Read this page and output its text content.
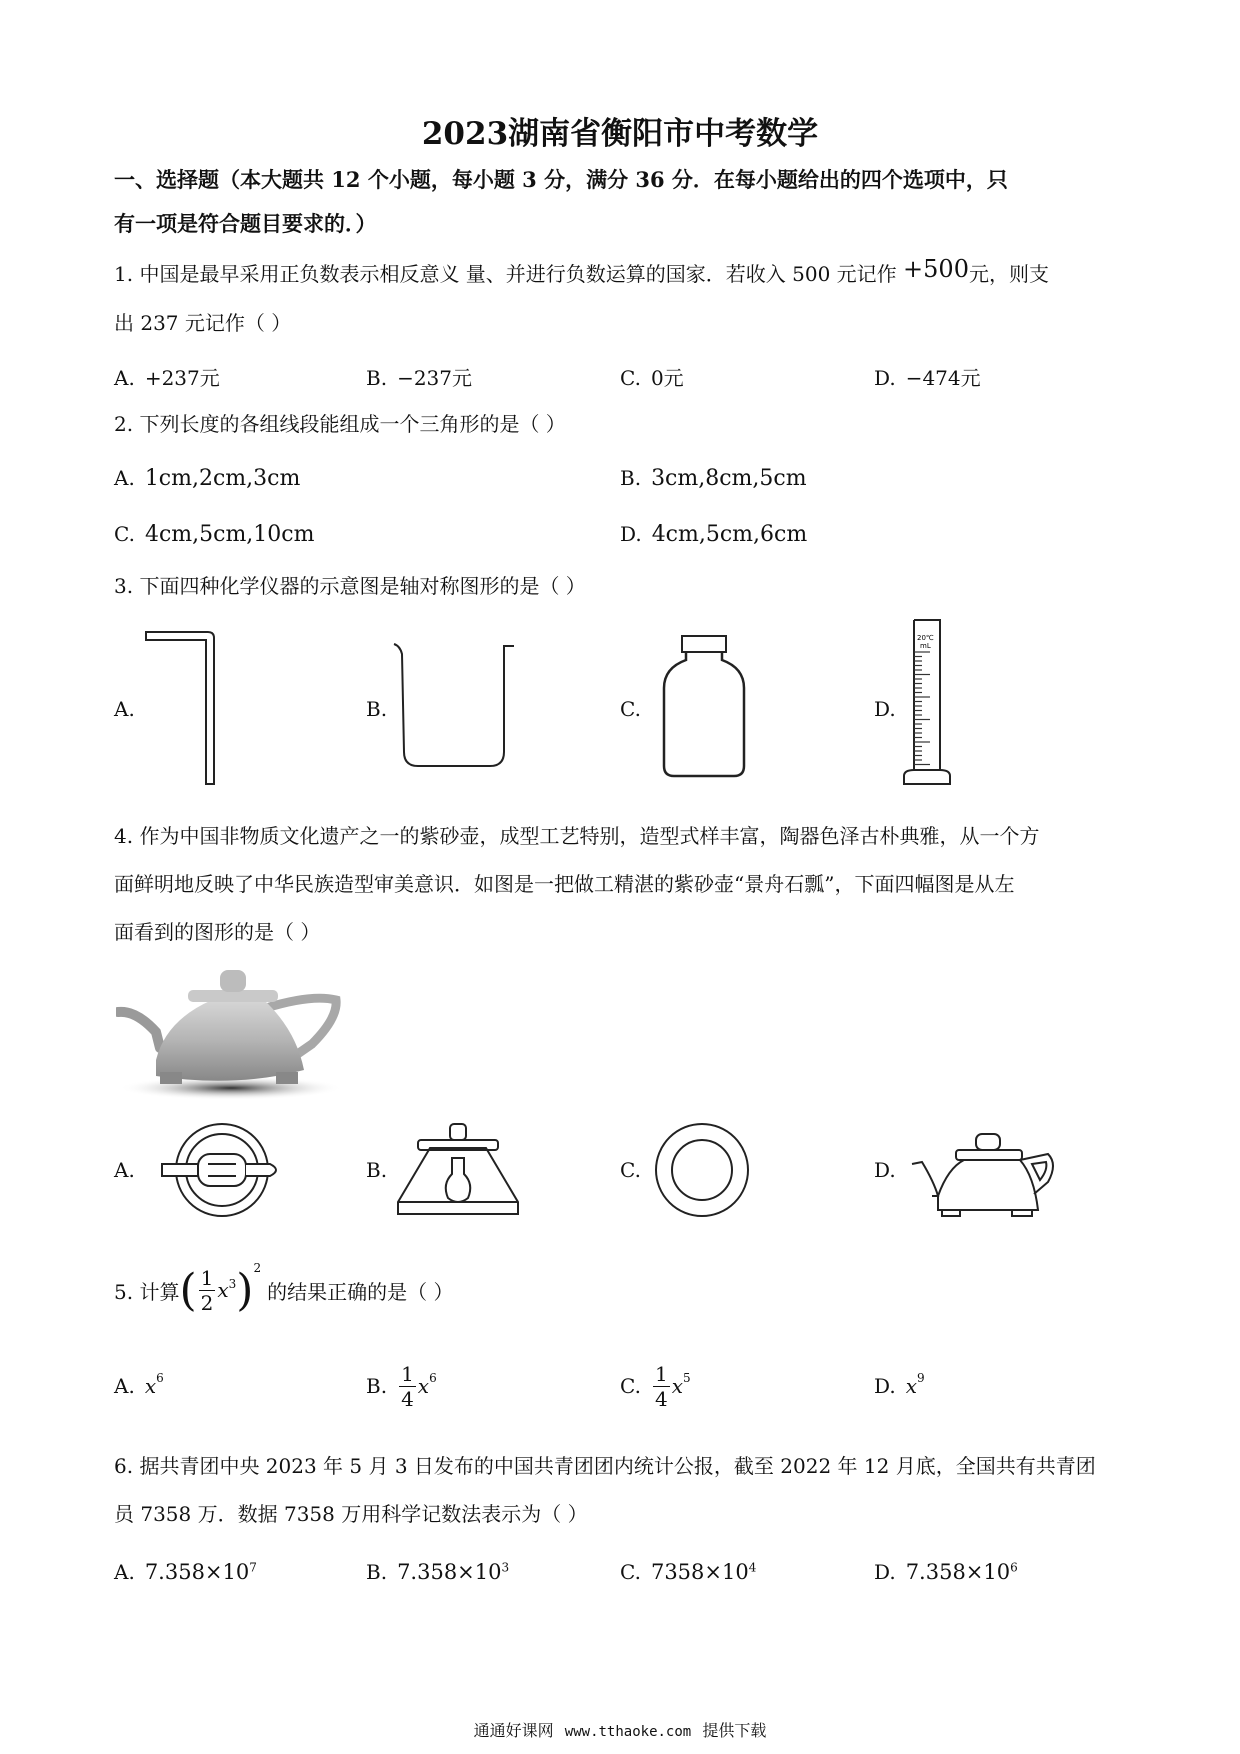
2023湖南省衡阳市中考数学
一、选择题（本大题共 12 个小题，每小题 3 分，满分 36 分．在每小题给出的四个选项中，只
有一项是符合题目要求的．）
1. 中国是最早采用正负数表示相反意义 量、并进行负数运算的国家．若收入 500 元记作 +500元，则支
出 237 元记作（ ）
A. +237元	B. −237元	C. 0元	D. −474元
2. 下列长度的各组线段能组成一个三角形的是（ ）
A. 1cm,2cm,3cm	B. 3cm,8cm,5cm
C. 4cm,5cm,10cm	D. 4cm,5cm,6cm
3. 下面四种化学仪器的示意图是轴对称图形的是（ ）
A.	B.	C.	D.
20℃
mL
4. 作为中国非物质文化遗产之一的紫砂壶，成型工艺特别，造型式样丰富，陶器色泽古朴典雅，从一个方
面鲜明地反映了中华民族造型审美意识．如图是一把做工精湛的紫砂壶“景舟石瓢”，下面四幅图是从左
面看到的图形的是（ ）
A.	B.	C.	D.
5. 计算 ( $\frac{1}{2} x^3$ )$^2$
的结果正确的是（ ）
A. $x^6$	B. $\frac{1}{4} x^6$	C. $\frac{1}{4} x^5$	D. $x^9$
6. 据共青团中央 2023 年 5 月 3 日发布的中国共青团团内统计公报，截至 2022 年 12 月底，全国共有共青团
员 7358 万．数据 7358 万用科学记数法表示为（ ）
A. $7.358\times 10^7$	B. $7.358\times 10^3$	C. $7358\times 10^4$	D. $7.358\times 10^6$
通通好课网 www.tthaoke.com 提供下载
